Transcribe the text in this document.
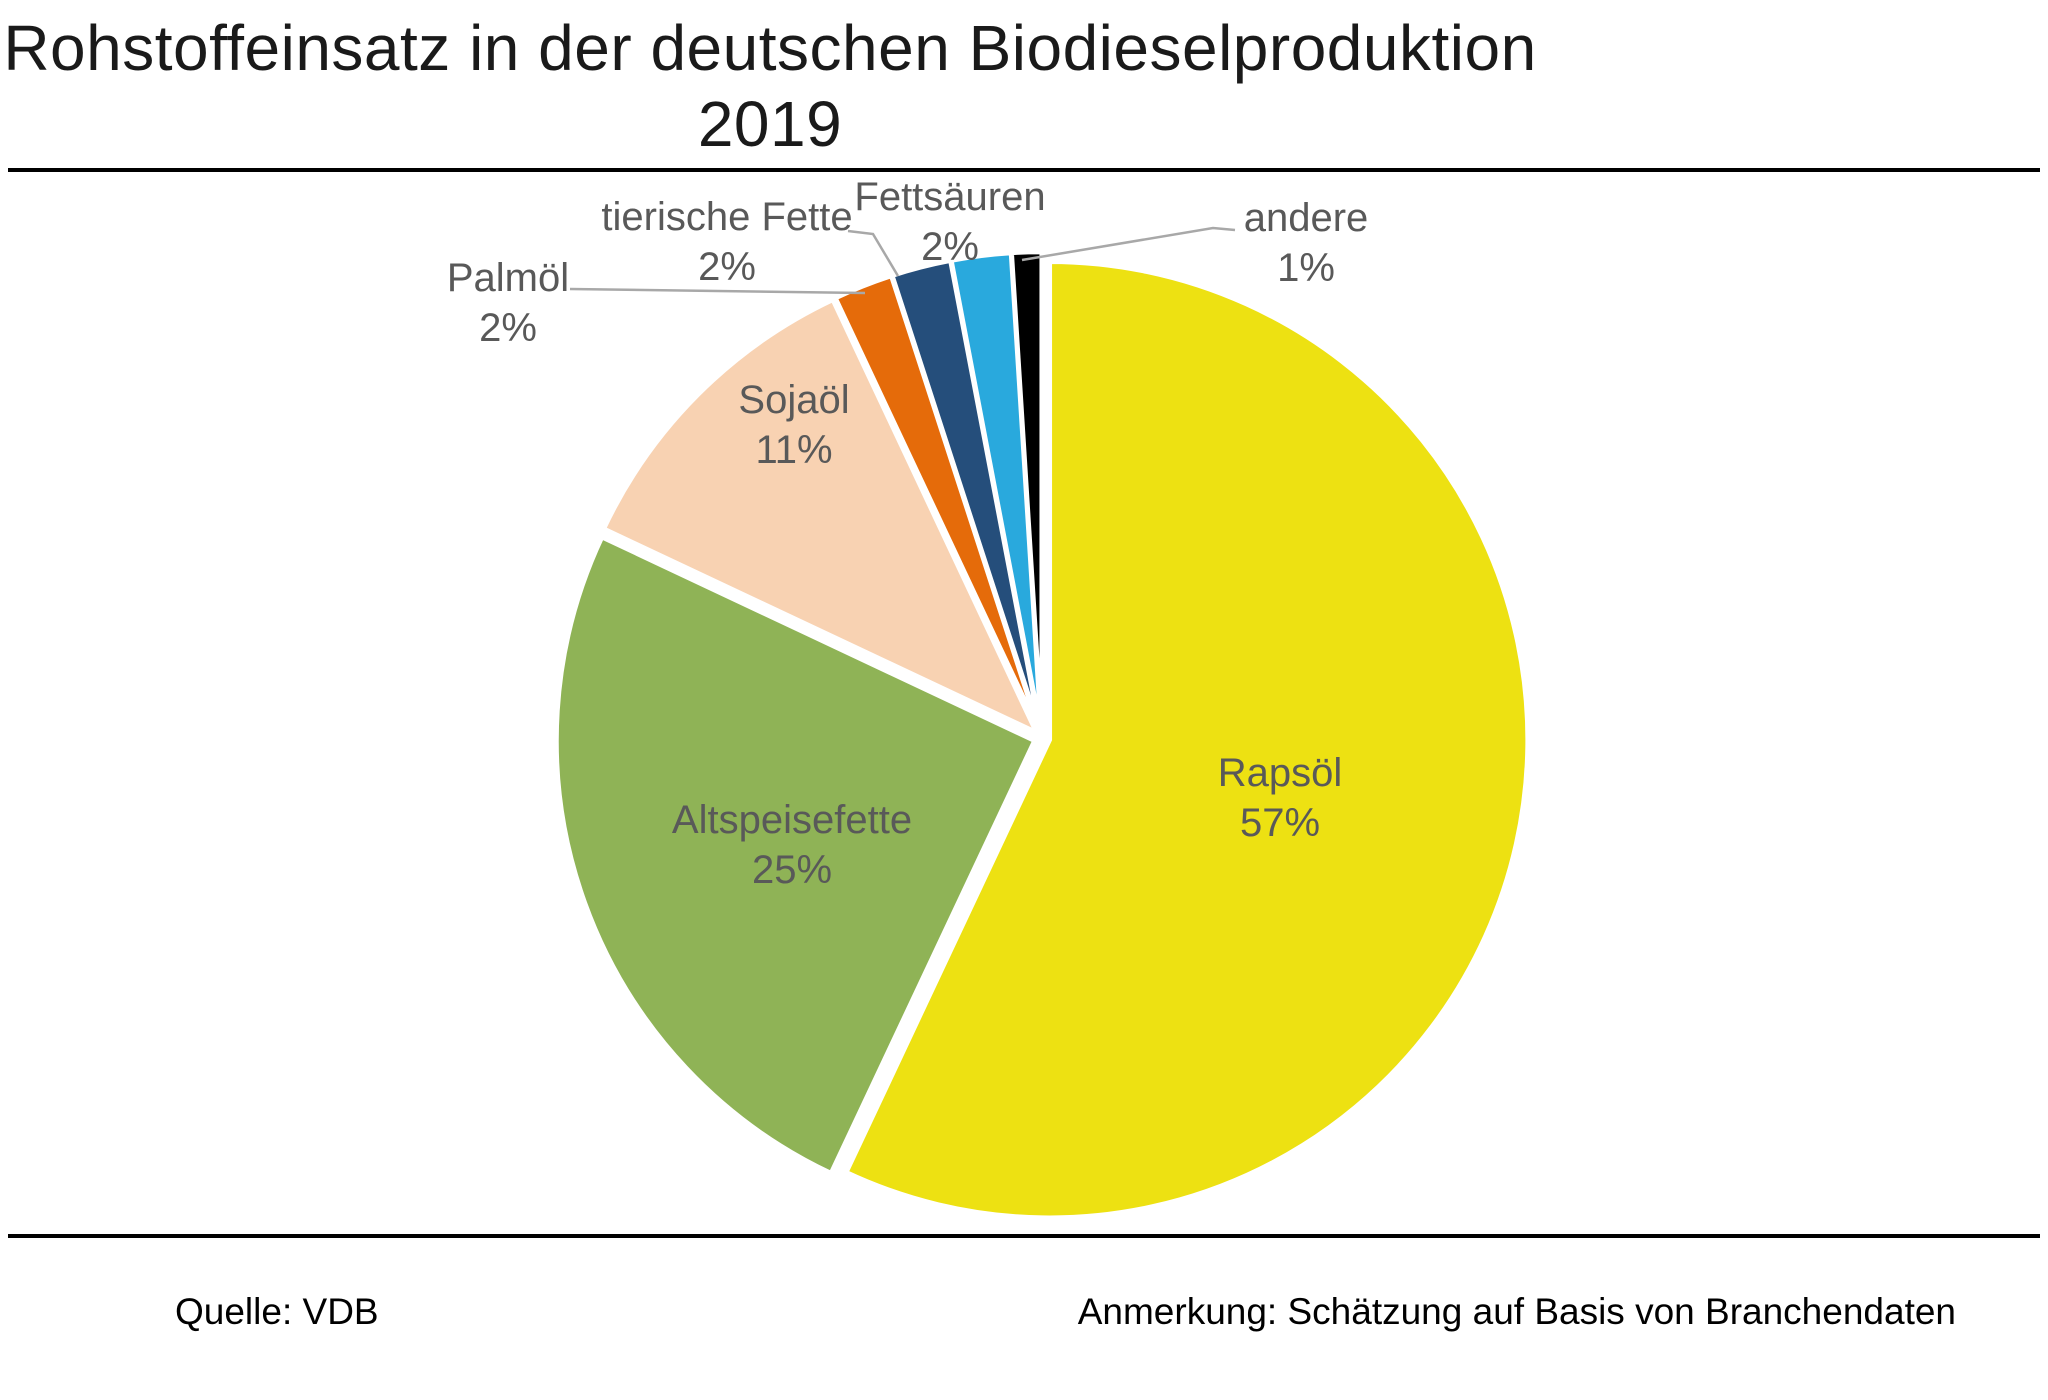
Rohstoffeinsatz in der deutschen Biodieselproduktion
2019
Rapsöl
57%
Altspeisefette
25%
Sojaöl
11%
Palmöl
2%
tierische Fette
2%
Fettsäuren
2%
andere
1%
Quelle: VDB	Anmerkung: Schätzung auf Basis von Branchendaten
